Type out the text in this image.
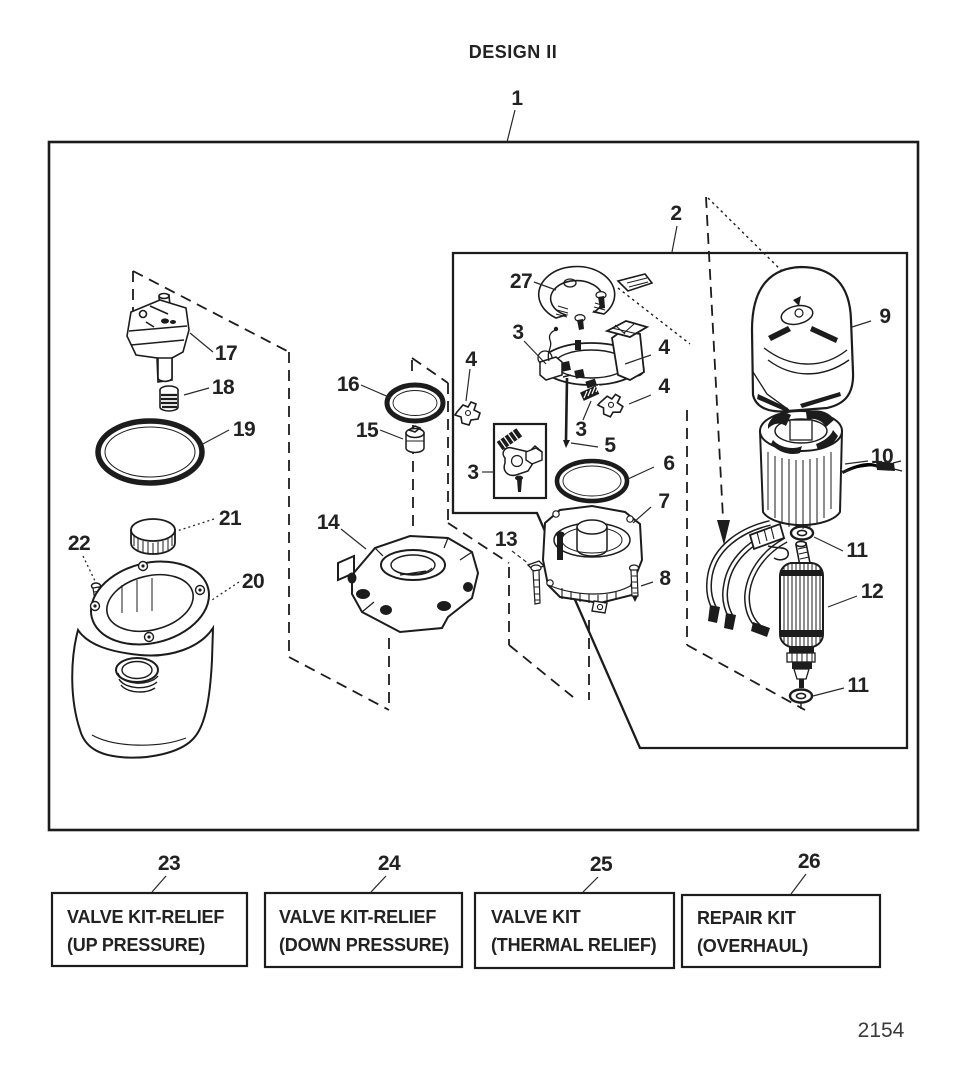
DESIGN II
1
2
17
18
19
21
22
20
16
15
14
13
27
3
3
5
4
4
4
6
7
8
3
9
10
11
12
11
VALVE KIT-RELIEF
(UP PRESSURE)
23
VALVE KIT-RELIEF
(DOWN PRESSURE)
24
VALVE KIT
(THERMAL RELIEF)
25
REPAIR KIT
(OVERHAUL)
26
2154
